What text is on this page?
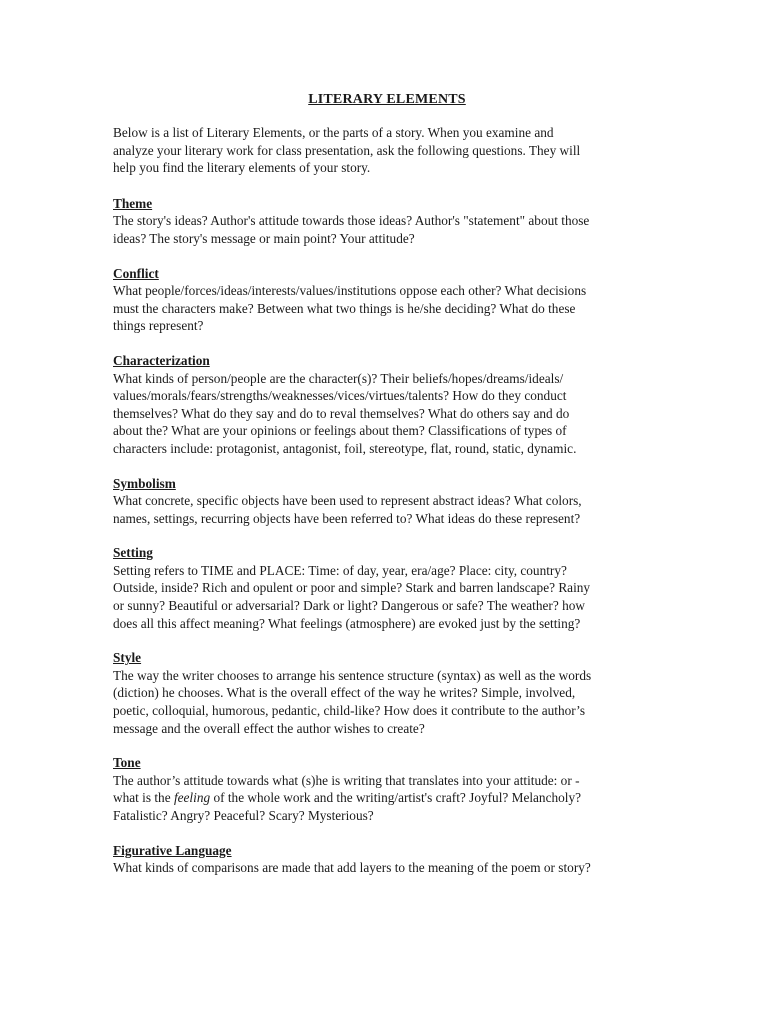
LITERARY ELEMENTS

Below is a list of Literary Elements, or the parts of a story. When you examine and
analyze your literary work for class presentation, ask the following questions. They will
help you find the literary elements of your story.

Theme

The story's ideas? Author's attitude towards those ideas? Author's "statement" about those
ideas? The story's message or main point? Your attitude?

Conflict

What people/forces/ideas/interests/values/institutions oppose each other? What decisions
must the characters make? Between what two things is he/she deciding? What do these
things represent?

Characterization

What kinds of person/people are the character(s)? Their beliefs/hopes/dreams/ideals/
values/morals/fears/strengths/weaknesses/vices/virtues/talents? How do they conduct
themselves? What do they say and do to reval themselves? What do others say and do
about the? What are your opinions or feelings about them? Classifications of types of
characters include: protagonist, antagonist, foil, stereotype, flat, round, static, dynamic.

Symbolism

What concrete, specific objects have been used to represent abstract ideas? What colors,
names, settings, recurring objects have been referred to? What ideas do these represent?

Setting

Setting refers to TIME and PLACE: Time: of day, year, era/age? Place: city, country?
Outside, inside? Rich and opulent or poor and simple? Stark and barren landscape? Rainy
or sunny? Beautiful or adversarial? Dark or light? Dangerous or safe? The weather? how
does all this affect meaning? What feelings (atmosphere) are evoked just by the setting?

Style

The way the writer chooses to arrange his sentence structure (syntax) as well as the words
(diction) he chooses. What is the overall effect of the way he writes? Simple, involved,
poetic, colloquial, humorous, pedantic, child-like? How does it contribute to the author’s
message and the overall effect the author wishes to create?

Tone

The author’s attitude towards what (s)he is writing that translates into your attitude: or -
what is the feeling of the whole work and the writing/artist's craft? Joyful? Melancholy?
Fatalistic? Angry? Peaceful? Scary? Mysterious?

Figurative Language

What kinds of comparisons are made that add layers to the meaning of the poem or story?
